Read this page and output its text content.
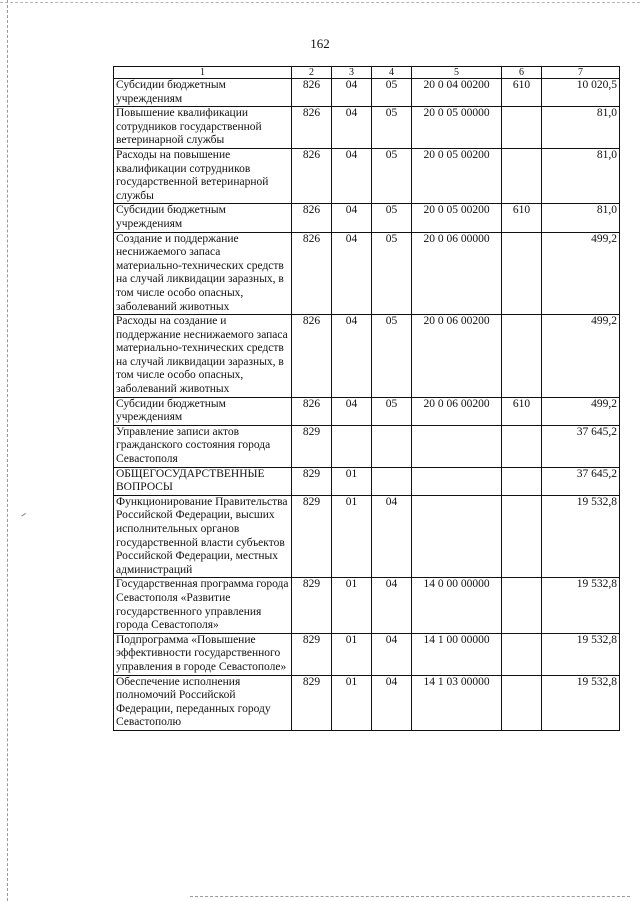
162
1	2	3	4	5	6	7
Субсидии бюджетным учреждениям	826	04	05	20 0 04 00200	610	10 020,5
Повышение квалификации сотрудников государственной ветеринарной службы	826	04	05	20 0 05 00000		81,0
Расходы на повышение квалификации сотрудников государственной ветеринарной службы	826	04	05	20 0 05 00200		81,0
Субсидии бюджетным учреждениям	826	04	05	20 0 05 00200	610	81,0
Создание и поддержание неснижаемого запаса материально-технических средств на случай ликвидации заразных, в том числе особо опасных, заболеваний животных	826	04	05	20 0 06 00000		499,2
Расходы на создание и поддержание неснижаемого запаса материально-технических средств на случай ликвидации заразных, в том числе особо опасных, заболеваний животных	826	04	05	20 0 06 00200		499,2
Субсидии бюджетным учреждениям	826	04	05	20 0 06 00200	610	499,2
Управление записи актов гражданского состояния города Севастополя	829					37 645,2
ОБЩЕГОСУДАРСТВЕННЫЕ ВОПРОСЫ	829	01				37 645,2
Функционирование Правительства Российской Федерации, высших исполнительных органов государственной власти субъектов Российской Федерации, местных администраций	829	01	04			19 532,8
Государственная программа города Севастополя «Развитие государственного управления города Севастополя»	829	01	04	14 0 00 00000		19 532,8
Подпрограмма «Повышение эффективности государственного управления в городе Севастополе»	829	01	04	14 1 00 00000		19 532,8
Обеспечение исполнения полномочий Российской Федерации, переданных городу Севастополю	829	01	04	14 1 03 00000		19 532,8
